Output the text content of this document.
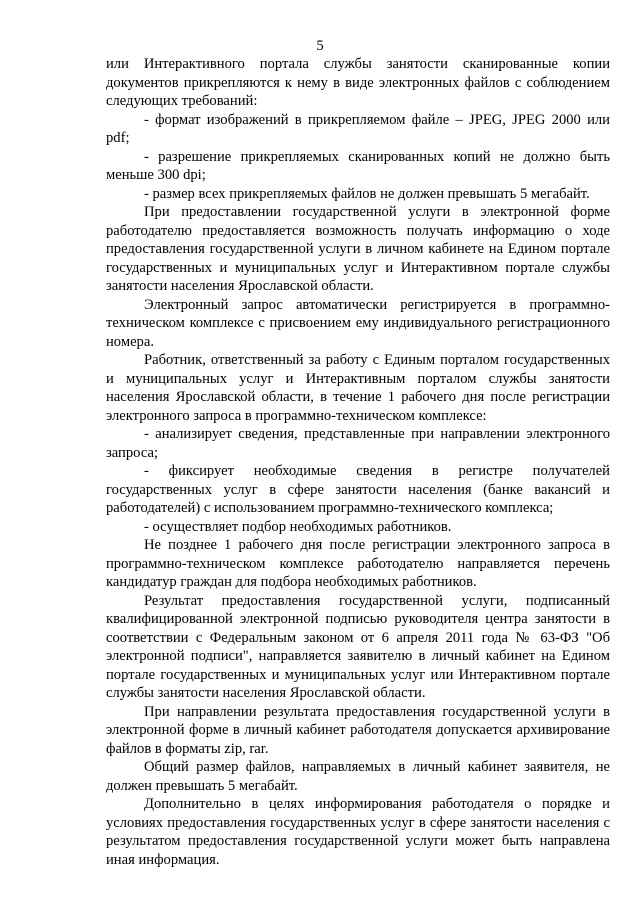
5

или Интерактивного портала службы занятости сканированные копии документов прикрепляются к нему в виде электронных файлов с соблюдением следующих требований:

- формат изображений в прикрепляемом файле – JPEG, JPEG 2000 или pdf;

- разрешение прикрепляемых сканированных копий не должно быть меньше 300 dpi;

- размер всех прикрепляемых файлов не должен превышать 5 мегабайт.

При предоставлении государственной услуги в электронной форме работодателю предоставляется возможность получать информацию о ходе предоставления государственной услуги в личном кабинете на Едином портале государственных и муниципальных услуг и Интерактивном портале службы занятости населения Ярославской области.

Электронный запрос автоматически регистрируется в программно-техническом комплексе с присвоением ему индивидуального регистрационного номера.

Работник, ответственный за работу с Единым порталом государственных и муниципальных услуг и Интерактивным порталом службы занятости населения Ярославской области, в течение 1 рабочего дня после регистрации электронного запроса в программно-техническом комплексе:

- анализирует сведения, представленные при направлении электронного запроса;

- фиксирует необходимые сведения в регистре получателей государственных услуг в сфере занятости населения (банке вакансий и работодателей) с использованием программно-технического комплекса;

- осуществляет подбор необходимых работников.

Не позднее 1 рабочего дня после регистрации электронного запроса в программно-техническом комплексе работодателю направляется перечень кандидатур граждан для подбора необходимых работников.

Результат предоставления государственной услуги, подписанный квалифицированной электронной подписью руководителя центра занятости в соответствии с Федеральным законом от 6 апреля 2011 года № 63-ФЗ "Об электронной подписи", направляется заявителю в личный кабинет на Едином портале государственных и муниципальных услуг или Интерактивном портале службы занятости населения Ярославской области.

При направлении результата предоставления государственной услуги в электронной форме в личный кабинет работодателя допускается архивирование файлов в форматы zip, rar.

Общий размер файлов, направляемых в личный кабинет заявителя, не должен превышать 5 мегабайт.

Дополнительно в целях информирования работодателя о порядке и условиях предоставления государственных услуг в сфере занятости населения с результатом предоставления государственной услуги может быть направлена иная информация.
